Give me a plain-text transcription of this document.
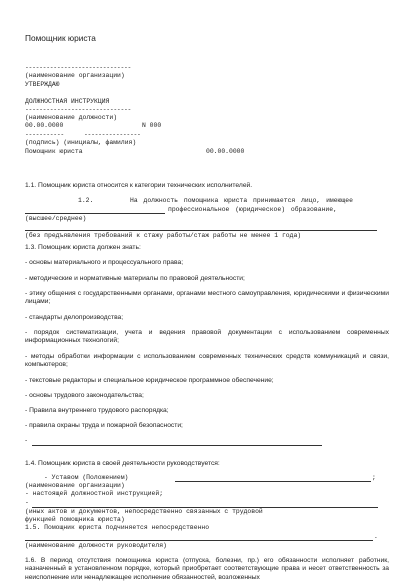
Помощник юриста
------------------------------
(наименование организации)
УТВЕРЖДАЮ
ДОЛЖНОСТНАЯ ИНСТРУКЦИЯ
------------------------------
(наименование должности)
00.00.0000	N 000
-----------	----------------
(подпись) (инициалы, фамилия)
Помощник юриста	00.00.0000
1.1. Помощник юриста относится к категории технических исполнителей.
1.2.	На должность помощника юриста принимается лицо, имеющее
профессиональное (юридическое) образование,
(высшее/среднее)
(без предъявления требований к стажу работы/стаж работы не менее 1 года)
1.3. Помощник юриста должен знать:
- основы материального и процессуального права;
- методические и нормативные материалы по правовой деятельности;
- этику общения с государственными органами, органами местного самоуправления, юридическими и физическими лицами;
- стандарты делопроизводства;
- порядок систематизации, учета и ведения правовой документации с использованием современных информационных технологий;
- методы обработки информации с использованием современных технических средств коммуникаций и связи, компьютеров;
- текстовые редакторы и специальное юридическое программное обеспечение;
- основы трудового законодательства;
- Правила внутреннего трудового распорядка;
- правила охраны труда и пожарной безопасности;
-
1.4. Помощник юриста в своей деятельности руководствуется:
- Уставом (Положением)	;
(наименование организации)
- настоящей должностной инструкцией;
-
(иных актов и документов, непосредственно связанных с трудовой
функцией помощника юриста)
1.5. Помощник юриста подчиняется непосредственно
.
(наименование должности руководителя)
1.6. В период отсутствия помощника юриста (отпуска, болезни, пр.) его обязанности исполняет работник, назначенный в установленном порядке, который приобретает соответствующие права и несет ответственность за неисполнение или ненадлежащее исполнение обязанностей, возложенных
